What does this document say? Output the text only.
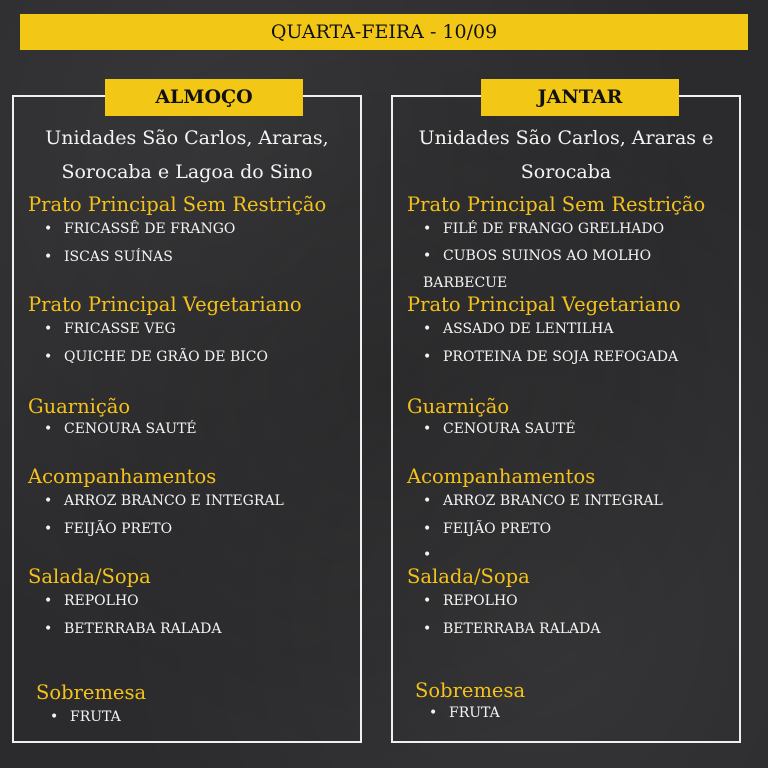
QUARTA-FEIRA - 10/09
ALMOÇO
Unidades São Carlos, Araras,
Sorocaba e Lagoa do Sino
Prato Principal Sem Restrição
• FRICASSÊ DE FRANGO
• ISCAS SUÍNAS
Prato Principal Vegetariano
• FRICASSE VEG
• QUICHE DE GRÃO DE BICO
Guarnição
• CENOURA SAUTÉ
Acompanhamentos
• ARROZ BRANCO E INTEGRAL
• FEIJÃO PRETO
Salada/Sopa
• REPOLHO
• BETERRABA RALADA
Sobremesa
• FRUTA
JANTAR
Unidades São Carlos, Araras e
Sorocaba
Prato Principal Sem Restrição
• FILÉ DE FRANGO GRELHADO
• CUBOS SUINOS AO MOLHO BARBECUE
Prato Principal Vegetariano
• ASSADO DE LENTILHA
• PROTEINA DE SOJA REFOGADA
Guarnição
• CENOURA SAUTÉ
Acompanhamentos
• ARROZ BRANCO E INTEGRAL
• FEIJÃO PRETO
•
Salada/Sopa
• REPOLHO
• BETERRABA RALADA
Sobremesa
• FRUTA
